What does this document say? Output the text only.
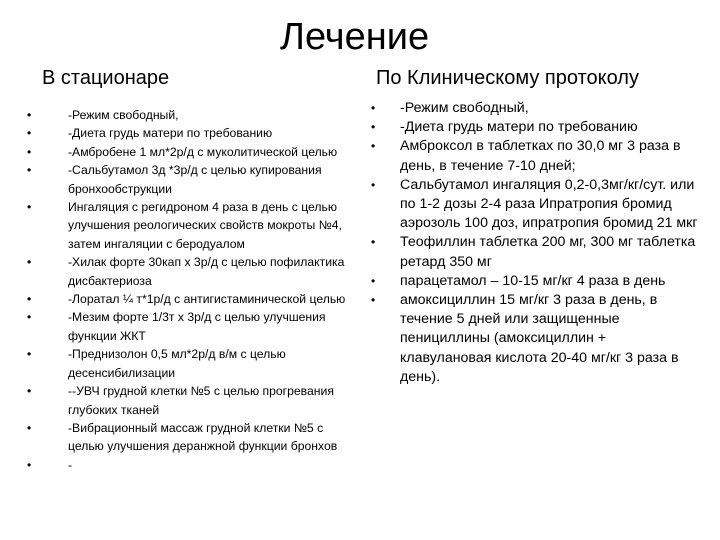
Лечение
В стационаре	По Клиническому протоколу
•	-Режим свободный,
•	-Диета грудь матери по требованию
•	-Амбробене 1 мл*2р/д с муколитической целью
•	-Сальбутамол 3д *3р/д с целью купирования бронхообструкции
•	Ингаляция с регидроном 4 раза в день с целью улучшения реологических свойств мокроты №4, затем ингаляции с беродуалом
•	-Хилак форте 30кап х 3р/д с целью пофилактика дисбактериоза
•	-Лоратал ¼ т*1р/д с антигистаминической целью
•	-Мезим форте 1/3т х 3р/д с целью улучшения функции ЖКТ
•	-Преднизолон 0,5 мл*2р/д в/м с целью десенсибилизации
•	--УВЧ грудной клетки №5 с целью прогревания глубоких тканей
•	-Вибрационный массаж грудной клетки №5 с целью улучшения деранжной функции бронхов
•	-
• -Режим свободный,
• -Диета грудь матери по требованию
• Амброксол в таблетках по 30,0 мг 3 раза в день, в течение 7-10 дней;
• Сальбутамол ингаляция 0,2-0,3мг/кг/сут. или по 1-2 дозы 2-4 раза Ипратропия бромид аэрозоль 100 доз, ипратропия бромид 21 мкг
• Теофиллин таблетка 200 мг, 300 мг таблетка ретард 350 мг
• парацетамол – 10-15 мг/кг 4 раза в день
• амоксициллин 15 мг/кг 3 раза в день, в течение 5 дней или защищенные пенициллины (амоксициллин + клавулановая кислота 20-40 мг/кг 3 раза в день).
